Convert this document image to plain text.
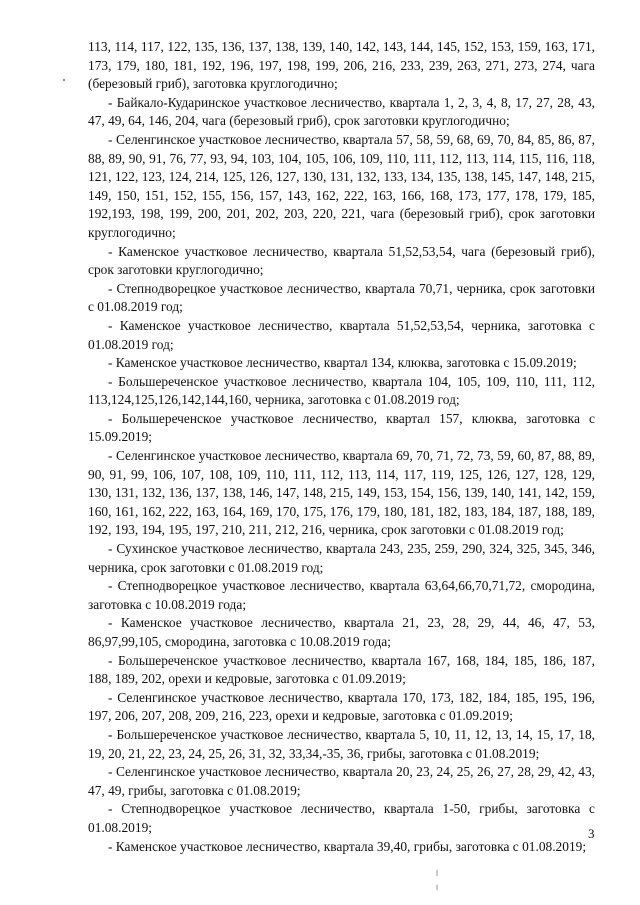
113, 114, 117, 122, 135, 136, 137, 138, 139, 140, 142, 143, 144, 145, 152, 153, 159, 163, 171, 173, 179, 180, 181, 192, 196, 197, 198, 199, 206, 216, 233, 239, 263, 271, 273, 274, чага (березовый гриб), заготовка круглогодично;

- Байкало-Кударинское участковое лесничество, квартала 1, 2, 3, 4, 8, 17, 27, 28, 43, 47, 49, 64, 146, 204, чага (березовый гриб), срок заготовки круглогодично;

- Селенгинское участковое лесничество, квартала 57, 58, 59, 68, 69, 70, 84, 85, 86, 87, 88, 89, 90, 91, 76, 77, 93, 94, 103, 104, 105, 106, 109, 110, 111, 112, 113, 114, 115, 116, 118, 121, 122, 123, 124, 214, 125, 126, 127, 130, 131, 132, 133, 134, 135, 138, 145, 147, 148, 215, 149, 150, 151, 152, 155, 156, 157, 143, 162, 222, 163, 166, 168, 173, 177, 178, 179, 185, 192,193, 198, 199, 200, 201, 202, 203, 220, 221, чага (березовый гриб), срок заготовки круглогодично;

- Каменское участковое лесничество, квартала 51,52,53,54, чага (березовый гриб), срок заготовки круглогодично;

- Степнодворецкое участковое лесничество, квартала 70,71, черника, срок заготовки с 01.08.2019 год;

- Каменское участковое лесничество, квартала 51,52,53,54, черника, заготовка с 01.08.2019 год;

- Каменское участковое лесничество, квартал 134, клюква, заготовка с 15.09.2019;

- Большереченское участковое лесничество, квартала 104, 105, 109, 110, 111, 112, 113,124,125,126,142,144,160, черника, заготовка с 01.08.2019 год;

- Большереченское участковое лесничество, квартал 157, клюква, заготовка с 15.09.2019;

- Селенгинское участковое лесничество, квартала 69, 70, 71, 72, 73, 59, 60, 87, 88, 89, 90, 91, 99, 106, 107, 108, 109, 110, 111, 112, 113, 114, 117, 119, 125, 126, 127, 128, 129, 130, 131, 132, 136, 137, 138, 146, 147, 148, 215, 149, 153, 154, 156, 139, 140, 141, 142, 159, 160, 161, 162, 222, 163, 164, 169, 170, 175, 176, 179, 180, 181, 182, 183, 184, 187, 188, 189, 192, 193, 194, 195, 197, 210, 211, 212, 216, черника, срок заготовки с 01.08.2019 год;

- Сухинское участковое лесничество, квартала 243, 235, 259, 290, 324, 325, 345, 346, черника, срок заготовки с 01.08.2019 год;

- Степнодворецкое участковое лесничество, квартала 63,64,66,70,71,72, смородина, заготовка с 10.08.2019 года;

- Каменское участковое лесничество, квартала 21, 23, 28, 29, 44, 46, 47, 53, 86,97,99,105, смородина, заготовка с 10.08.2019 года;

- Большереченское участковое лесничество, квартала 167, 168, 184, 185, 186, 187, 188, 189, 202, орехи и кедровые, заготовка с 01.09.2019;

- Селенгинское участковое лесничество, квартала 170, 173, 182, 184, 185, 195, 196, 197, 206, 207, 208, 209, 216, 223, орехи и кедровые, заготовка с 01.09.2019;

- Большереченское участковое лесничество, квартала 5, 10, 11, 12, 13, 14, 15, 17, 18, 19, 20, 21, 22, 23, 24, 25, 26, 31, 32, 33,34,-35, 36, грибы, заготовка с 01.08.2019;

- Селенгинское участковое лесничество, квартала 20, 23, 24, 25, 26, 27, 28, 29, 42, 43, 47, 49, грибы, заготовка с 01.08.2019;

- Степнодворецкое участковое лесничество, квартала 1-50, грибы, заготовка с 01.08.2019;

- Каменское участковое лесничество, квартала 39,40, грибы, заготовка с 01.08.2019;

3
